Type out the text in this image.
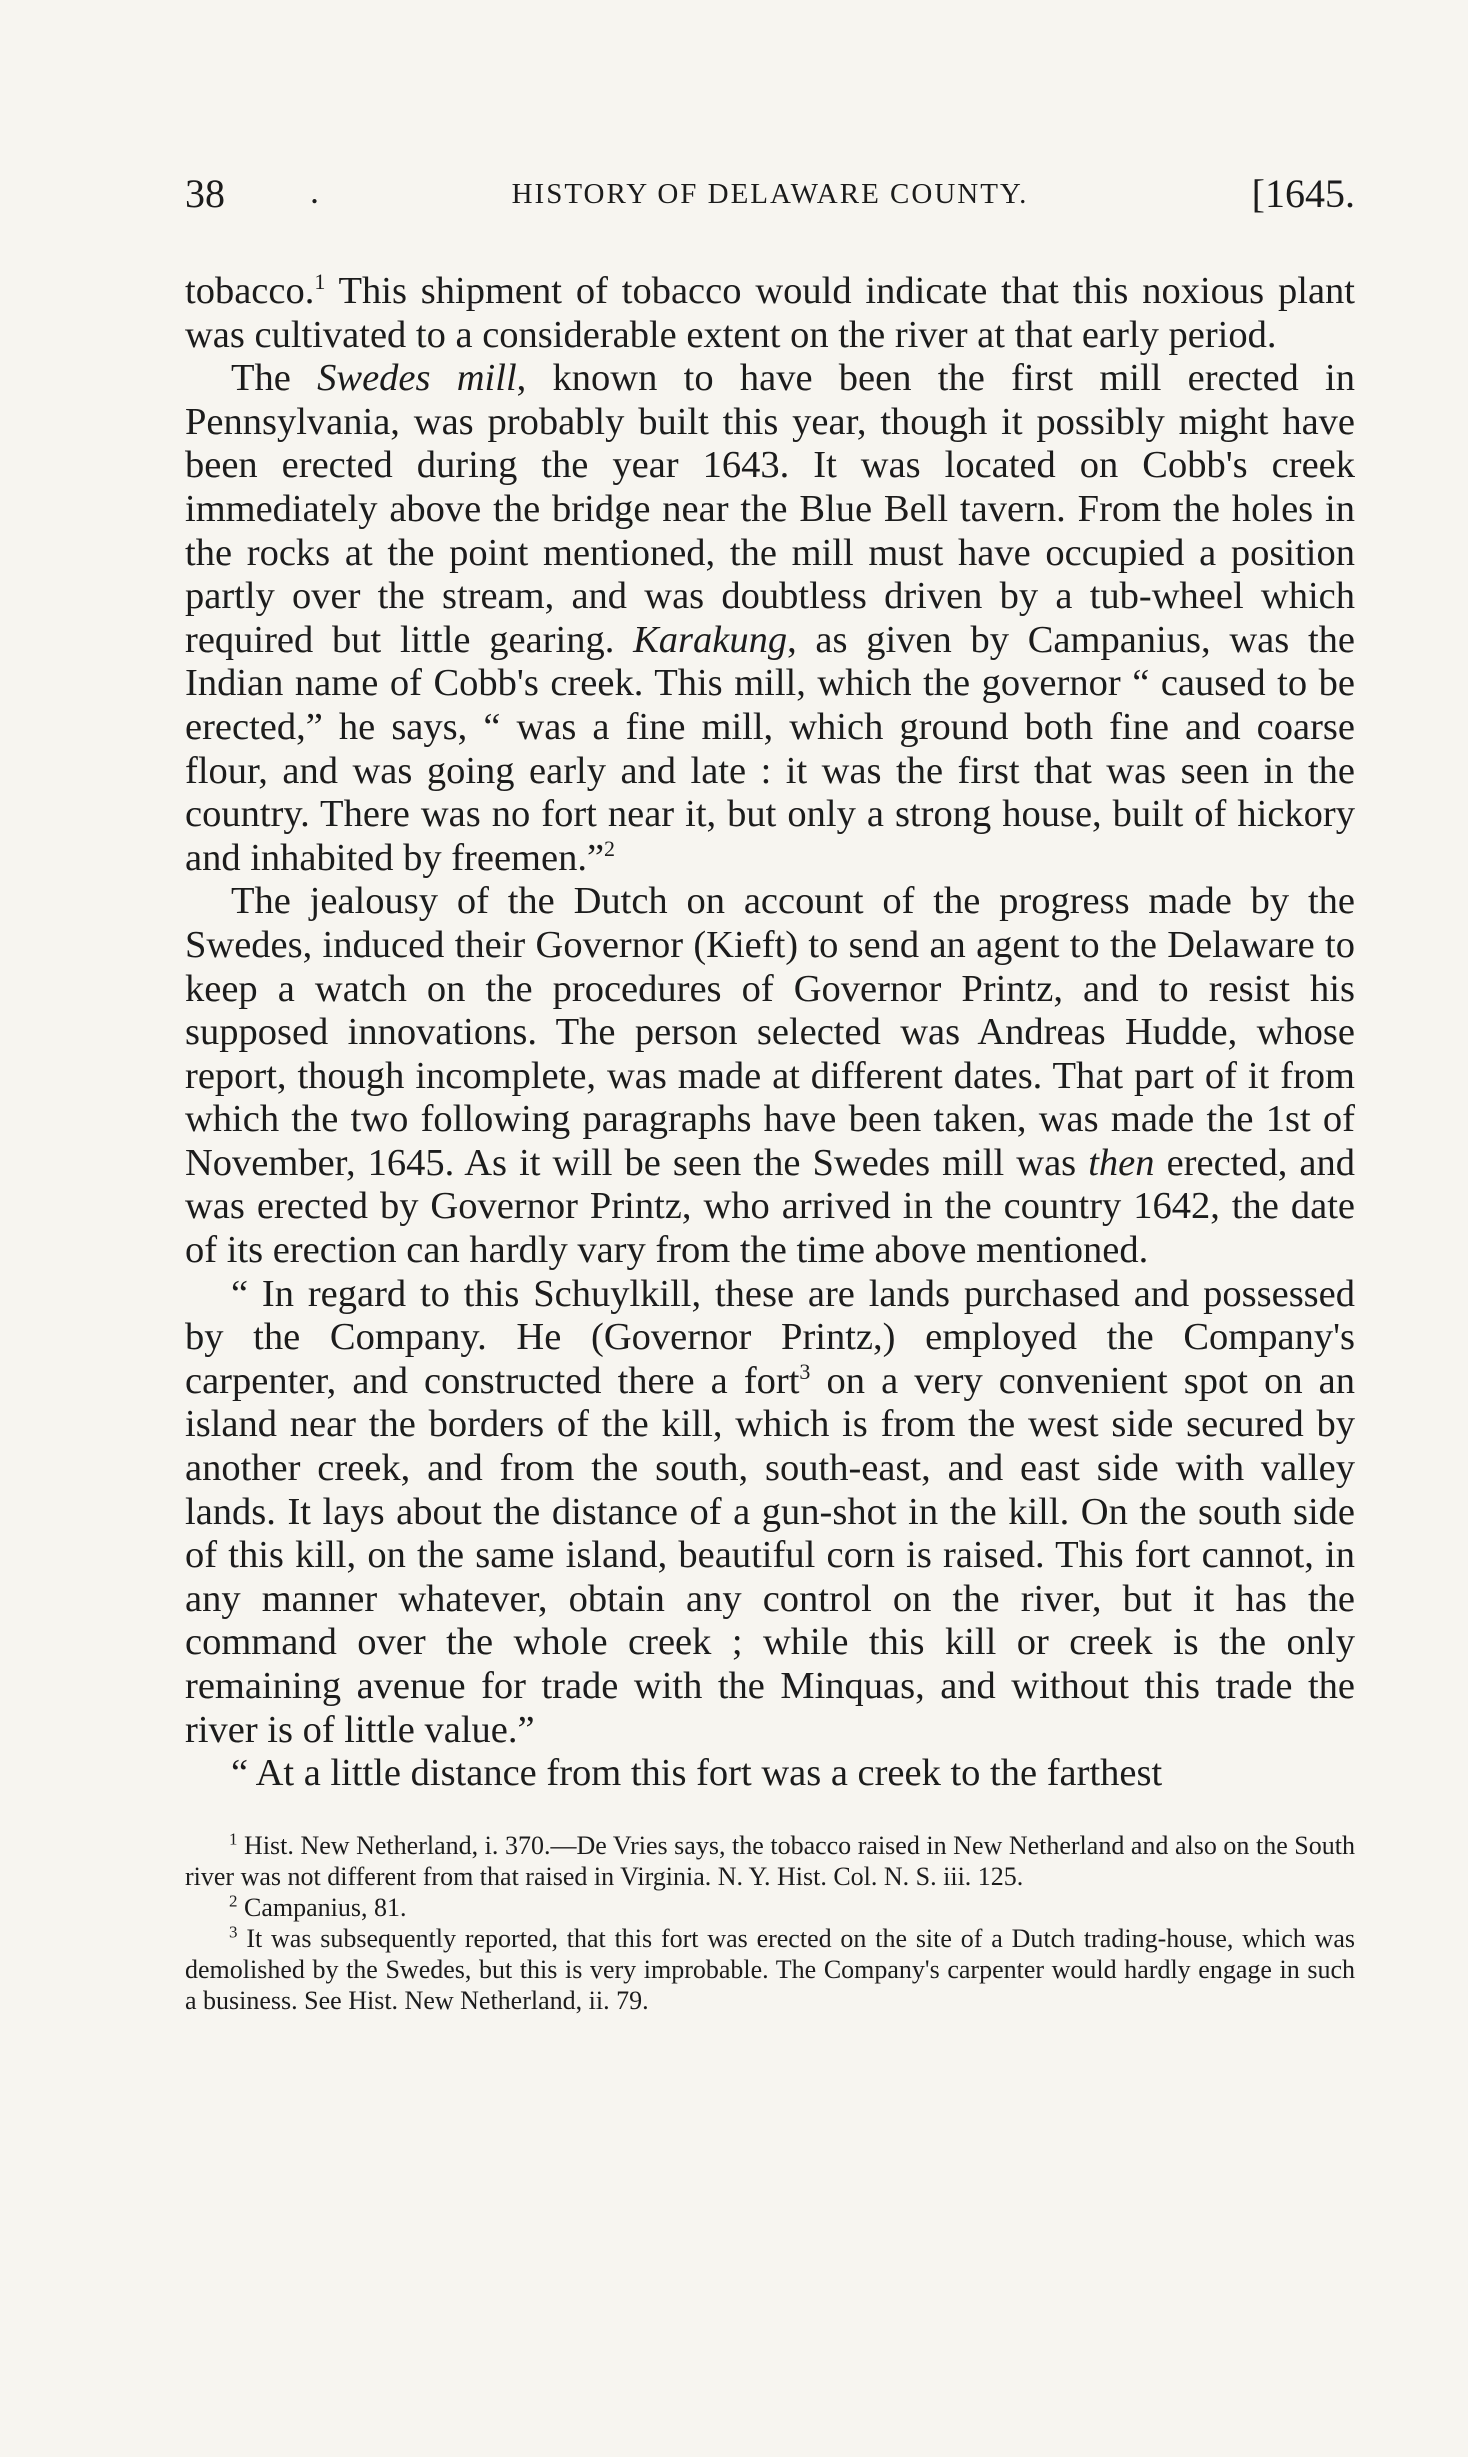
38 .	HISTORY OF DELAWARE COUNTY.	[1645.

tobacco.$^1$ This shipment of tobacco would indicate that this noxious plant was cultivated to a considerable extent on the river at that early period.

The Swedes mill, known to have been the first mill erected in Pennsylvania, was probably built this year, though it possibly might have been erected during the year 1643. It was located on Cobb's creek immediately above the bridge near the Blue Bell tavern. From the holes in the rocks at the point mentioned, the mill must have occupied a position partly over the stream, and was doubtless driven by a tub-wheel which required but little gearing. Karakung, as given by Campanius, was the Indian name of Cobb's creek. This mill, which the governor “ caused to be erected,” he says, “ was a fine mill, which ground both fine and coarse flour, and was going early and late : it was the first that was seen in the country. There was no fort near it, but only a strong house, built of hickory and inhabited by freemen.”$^2$

The jealousy of the Dutch on account of the progress made by the Swedes, induced their Governor (Kieft) to send an agent to the Delaware to keep a watch on the procedures of Governor Printz, and to resist his supposed innovations. The person selected was Andreas Hudde, whose report, though incomplete, was made at different dates. That part of it from which the two following paragraphs have been taken, was made the 1st of November, 1645. As it will be seen the Swedes mill was then erected, and was erected by Governor Printz, who arrived in the country 1642, the date of its erection can hardly vary from the time above mentioned.

“ In regard to this Schuylkill, these are lands purchased and possessed by the Company. He (Governor Printz,) employed the Company's carpenter, and constructed there a fort$^3$ on a very convenient spot on an island near the borders of the kill, which is from the west side secured by another creek, and from the south, south-east, and east side with valley lands. It lays about the distance of a gun-shot in the kill. On the south side of this kill, on the same island, beautiful corn is raised. This fort cannot, in any manner whatever, obtain any control on the river, but it has the command over the whole creek ; while this kill or creek is the only remaining avenue for trade with the Minquas, and without this trade the river is of little value.”

“ At a little distance from this fort was a creek to the farthest

$^1$ Hist. New Netherland, i. 370.—De Vries says, the tobacco raised in New Netherland and also on the South river was not different from that raised in Virginia. N. Y. Hist. Col. N. S. iii. 125.

$^2$ Campanius, 81.

$^3$ It was subsequently reported, that this fort was erected on the site of a Dutch trading-house, which was demolished by the Swedes, but this is very improbable. The Company's carpenter would hardly engage in such a business. See Hist. New Netherland, ii. 79.
